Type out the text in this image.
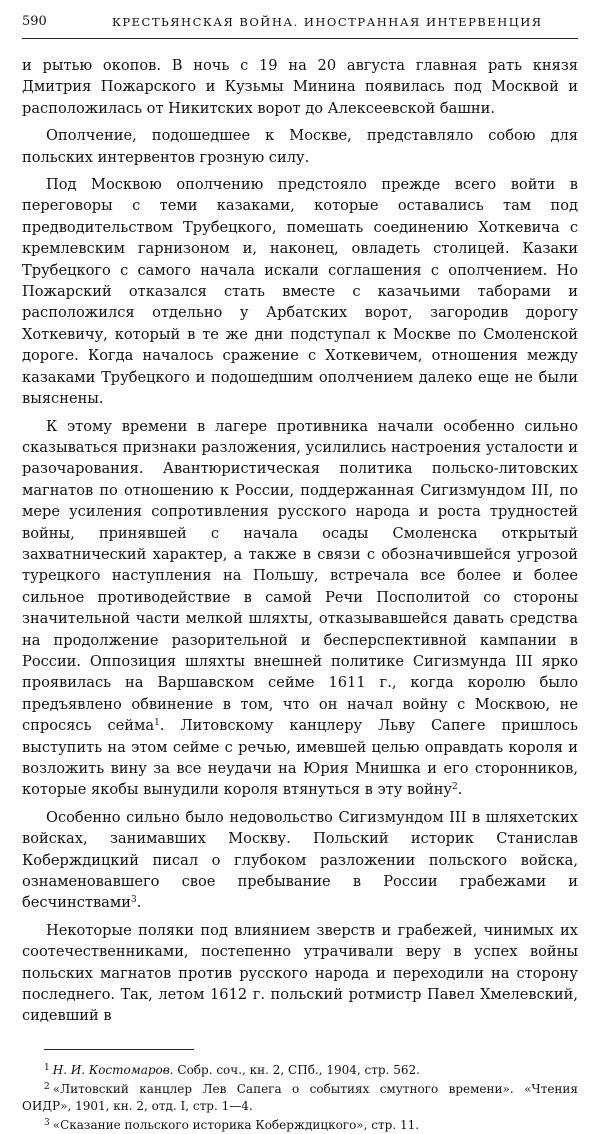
590	КРЕСТЬЯНСКАЯ ВОЙНА. ИНОСТРАННАЯ ИНТЕРВЕНЦИЯ

и рытью окопов. В ночь с 19 на 20 августа главная рать князя Дмитрия Пожарского и Кузьмы Минина появилась под Москвой и расположилась от Никитских ворот до Алексеевской башни.

Ополчение, подошедшее к Москве, представляло собою для польских интервентов грозную силу.

Под Москвою ополчению предстояло прежде всего войти в переговоры с теми казаками, которые оставались там под предводительством Трубецкого, помешать соединению Хоткевича с кремлевским гарнизоном и, наконец, овладеть столицей. Казаки Трубецкого с самого начала искали соглашения с ополчением. Но Пожарский отказался стать вместе с казачьими таборами и расположился отдельно у Арбатских ворот, загородив дорогу Хоткевичу, который в те же дни подступал к Москве по Смоленской дороге. Когда началось сражение с Хоткевичем, отношения между казаками Трубецкого и подошедшим ополчением далеко еще не были выяснены.

К этому времени в лагере противника начали особенно сильно сказываться признаки разложения, усилились настроения усталости и разочарования. Авантюристическая политика польско-литовских магнатов по отношению к России, поддержанная Сигизмундом III, по мере усиления сопротивления русского народа и роста трудностей войны, принявшей с начала осады Смоленска открытый захватнический характер, а также в связи с обозначившейся угрозой турецкого наступления на Польшу, встречала все более и более сильное противодействие в самой Речи Посполитой со стороны значительной части мелкой шляхты, отказывавшейся давать средства на продолжение разорительной и бесперспективной кампании в России. Оппозиция шляхты внешней политике Сигизмунда III ярко проявилась на Варшавском сейме 1611 г., когда королю было предъявлено обвинение в том, что он начал войну с Москвою, не спросясь сейма$^1$. Литовскому канцлеру Льву Сапеге пришлось выступить на этом сейме с речью, имевшей целью оправдать короля и возложить вину за все неудачи на Юрия Мнишка и его сторонников, которые якобы вынудили короля втянуться в эту войну$^2$.

Особенно сильно было недовольство Сигизмундом III в шляхетских войсках, занимавших Москву. Польский историк Станислав Коберждицкий писал о глубоком разложении польского войска, ознаменовавшего свое пребывание в России грабежами и бесчинствами$^3$.

Некоторые поляки под влиянием зверств и грабежей, чинимых их соотечественниками, постепенно утрачивали веру в успех войны польских магнатов против русского народа и переходили на сторону последнего. Так, летом 1612 г. польский ротмистр Павел Хмелевский, сидевший в

$^1$ Н. И. Костомаров. Собр. соч., кн. 2, СПб., 1904, стр. 562.

$^2$ «Литовский канцлер Лев Сапега о событиях смутного времени». «Чтения ОИДР», 1901, кн. 2, отд. I, стр. 1—4.

$^3$ «Сказание польского историка Коберждицкого», стр. 11.
